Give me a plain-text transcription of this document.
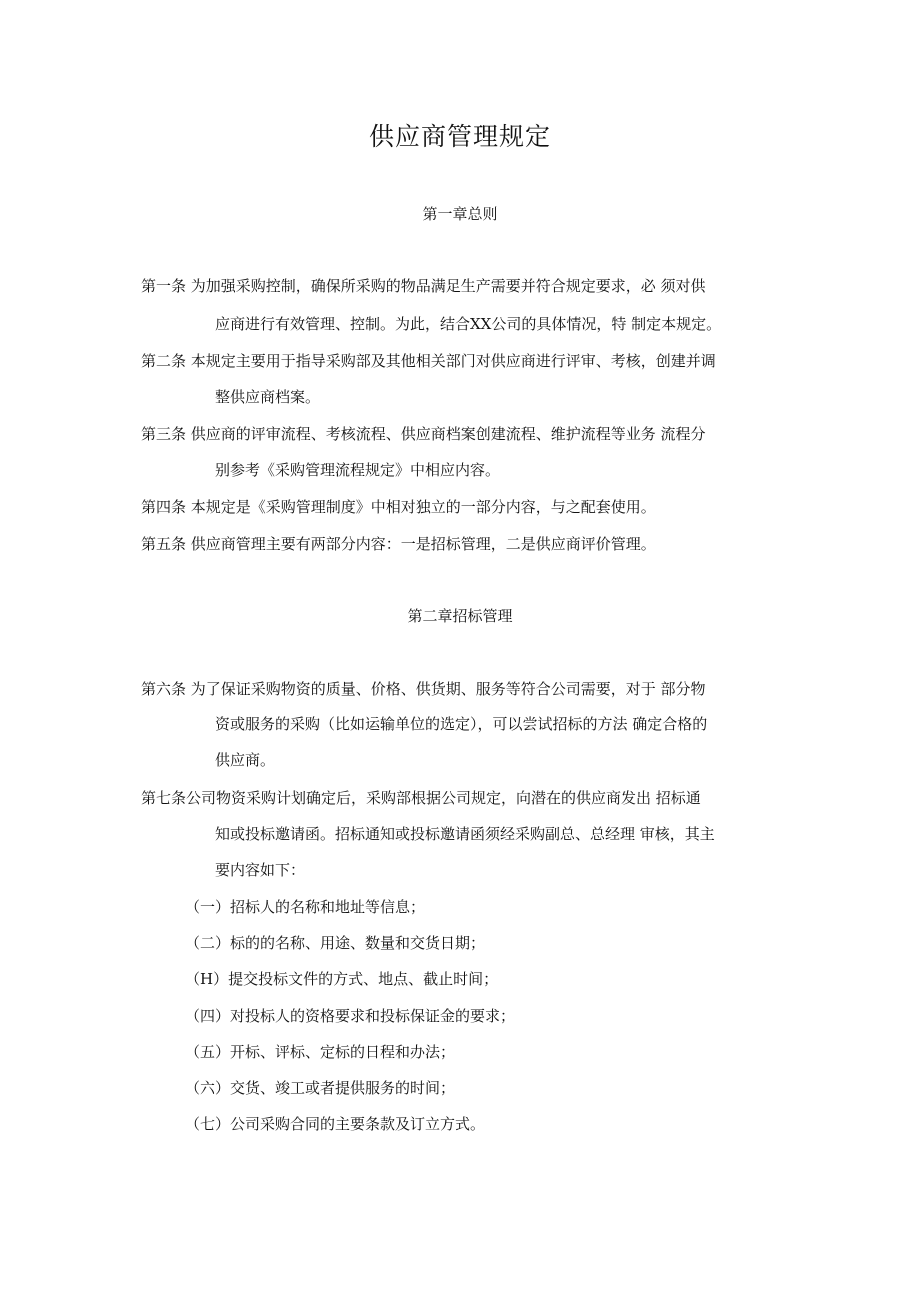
供应商管理规定
第一章总则
第一条 为加强采购控制，确保所采购的物品满足生产需要并符合规定要求，必 须对供
应商进行有效管理、控制。为此，结合XX公司的具体情况，特 制定本规定。
第二条 本规定主要用于指导采购部及其他相关部门对供应商进行评审、考核，创建并调
整供应商档案。
第三条 供应商的评审流程、考核流程、供应商档案创建流程、维护流程等业务 流程分
别参考《采购管理流程规定》中相应内容。
第四条 本规定是《采购管理制度》中相对独立的一部分内容，与之配套使用。
第五条 供应商管理主要有两部分内容：一是招标管理，二是供应商评价管理。
第二章招标管理
第六条 为了保证采购物资的质量、价格、供货期、服务等符合公司需要，对于 部分物
资或服务的采购（比如运输单位的选定），可以尝试招标的方法 确定合格的
供应商。
第七条公司物资采购计划确定后，采购部根据公司规定，向潜在的供应商发出 招标通
知或投标邀请函。招标通知或投标邀请函须经采购副总、总经理 审核，其主
要内容如下：
（一）招标人的名称和地址等信息；
（二）标的的名称、用途、数量和交货日期；
（H）提交投标文件的方式、地点、截止时间；
（四）对投标人的资格要求和投标保证金的要求；
（五）开标、评标、定标的日程和办法；
（六）交货、竣工或者提供服务的时间；
（七）公司采购合同的主要条款及订立方式。
